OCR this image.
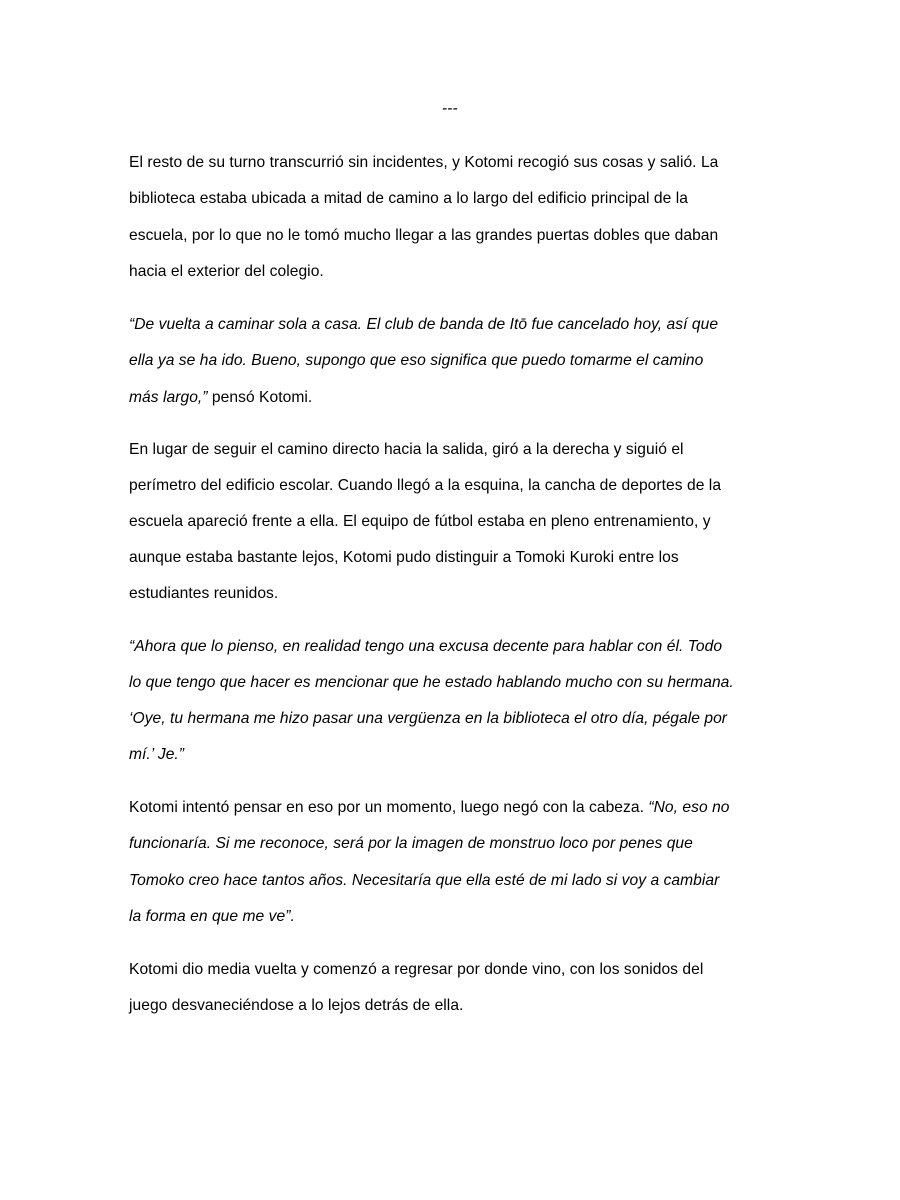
---
El resto de su turno transcurrió sin incidentes, y Kotomi recogió sus cosas y salió. La
biblioteca estaba ubicada a mitad de camino a lo largo del edificio principal de la
escuela, por lo que no le tomó mucho llegar a las grandes puertas dobles que daban
hacia el exterior del colegio.
“De vuelta a caminar sola a casa. El club de banda de Itō fue cancelado hoy, así que
ella ya se ha ido. Bueno, supongo que eso significa que puedo tomarme el camino
más largo,” pensó Kotomi.
En lugar de seguir el camino directo hacia la salida, giró a la derecha y siguió el
perímetro del edificio escolar. Cuando llegó a la esquina, la cancha de deportes de la
escuela apareció frente a ella. El equipo de fútbol estaba en pleno entrenamiento, y
aunque estaba bastante lejos, Kotomi pudo distinguir a Tomoki Kuroki entre los
estudiantes reunidos.
“Ahora que lo pienso, en realidad tengo una excusa decente para hablar con él. Todo
lo que tengo que hacer es mencionar que he estado hablando mucho con su hermana.
‘Oye, tu hermana me hizo pasar una vergüenza en la biblioteca el otro día, pégale por
mí.’ Je.”
Kotomi intentó pensar en eso por un momento, luego negó con la cabeza. “No, eso no
funcionaría. Si me reconoce, será por la imagen de monstruo loco por penes que
Tomoko creo hace tantos años. Necesitaría que ella esté de mi lado si voy a cambiar
la forma en que me ve”.
Kotomi dio media vuelta y comenzó a regresar por donde vino, con los sonidos del
juego desvaneciéndose a lo lejos detrás de ella.
